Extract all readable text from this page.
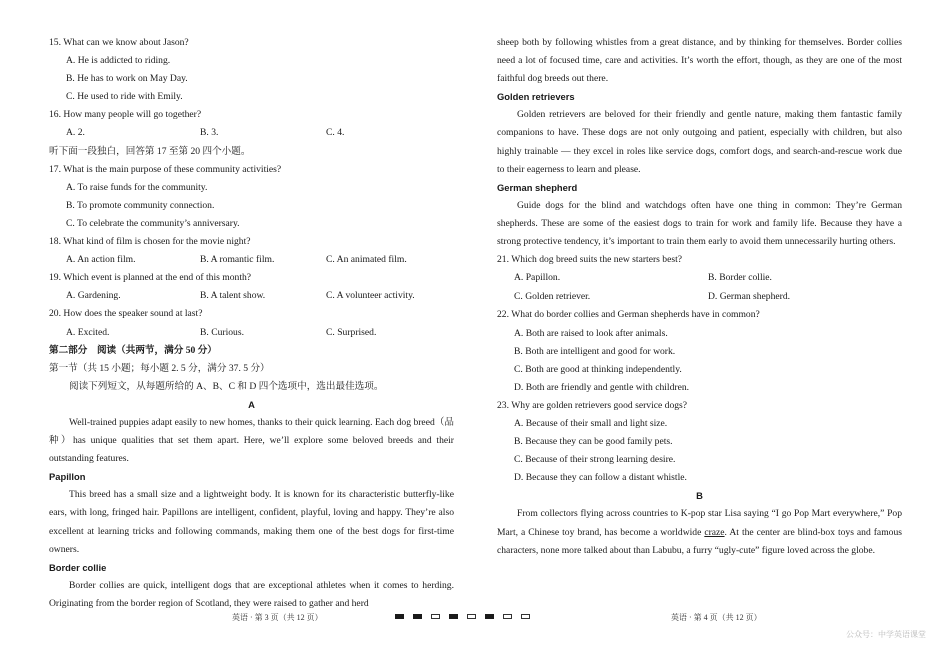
15. What can we know about Jason?
A. He is addicted to riding.
B. He has to work on May Day.
C. He used to ride with Emily.
16. How many people will go together?
A. 2.	B. 3.	C. 4.
听下面一段独白，回答第 17 至第 20 四个小题。
17. What is the main purpose of these community activities?
A. To raise funds for the community.
B. To promote community connection.
C. To celebrate the community’s anniversary.
18. What kind of film is chosen for the movie night?
A. An action film.	B. A romantic film.	C. An animated film.
19. Which event is planned at the end of this month?
A. Gardening.	B. A talent show.	C. A volunteer activity.
20. How does the speaker sound at last?
A. Excited.	B. Curious.	C. Surprised.
第二部分　阅读（共两节，满分 50 分）
第一节（共 15 小题；每小题 2. 5 分，满分 37. 5 分）
阅读下列短文，从每题所给的 A、B、C 和 D 四个选项中，选出最佳选项。
A
Well-trained puppies adapt easily to new homes, thanks to their quick learning. Each dog breed（品种）has unique qualities that set them apart. Here, we’ll explore some beloved breeds and their outstanding features.
Papillon
This breed has a small size and a lightweight body. It is known for its characteristic butterfly-like ears, with long, fringed hair. Papillons are intelligent, confident, playful, loving and happy. They’re also excellent at learning tricks and following commands, making them one of the best dogs for first-time owners.
Border collie
Border collies are quick, intelligent dogs that are exceptional athletes when it comes to herding. Originating from the border region of Scotland, they were raised to gather and herd
sheep both by following whistles from a great distance, and by thinking for themselves. Border collies need a lot of focused time, care and activities. It’s worth the effort, though, as they are one of the most faithful dog breeds out there.
Golden retrievers
Golden retrievers are beloved for their friendly and gentle nature, making them fantastic family companions to have. These dogs are not only outgoing and patient, especially with children, but also highly trainable — they excel in roles like service dogs, comfort dogs, and search-and-rescue work due to their eagerness to learn and please.
German shepherd
Guide dogs for the blind and watchdogs often have one thing in common: They’re German shepherds. These are some of the easiest dogs to train for work and family life. Because they have a strong protective tendency, it’s important to train them early to avoid them unnecessarily hurting others.
21. Which dog breed suits the new starters best?
A. Papillon.	B. Border collie.
C. Golden retriever.	D. German shepherd.
22. What do border collies and German shepherds have in common?
A. Both are raised to look after animals.
B. Both are intelligent and good for work.
C. Both are good at thinking independently.
D. Both are friendly and gentle with children.
23. Why are golden retrievers good service dogs?
A. Because of their small and light size.
B. Because they can be good family pets.
C. Because of their strong learning desire.
D. Because they can follow a distant whistle.
B
From collectors flying across countries to K-pop star Lisa saying “I go Pop Mart everywhere,” Pop Mart, a Chinese toy brand, has become a worldwide craze. At the center are blind-box toys and famous characters, none more talked about than Labubu, a furry “ugly-cute” figure loved across the globe.
英语 · 第 3 页（共 12 页）	英语 · 第 4 页（共 12 页）
公众号：中学英语课堂
